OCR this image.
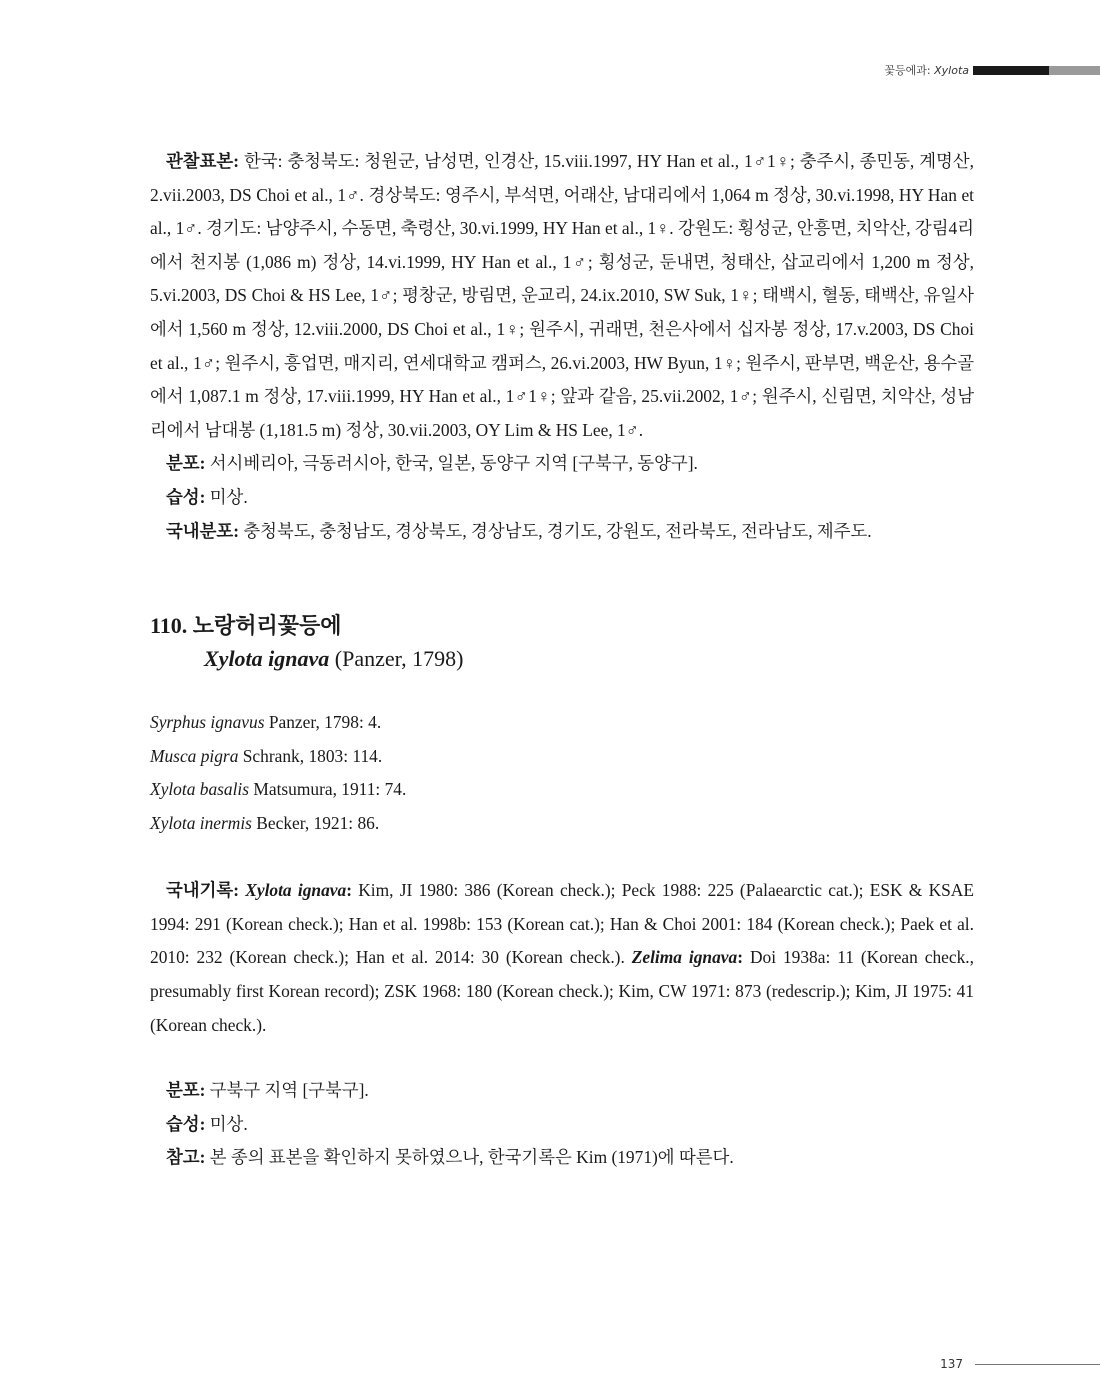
꽃등에과: Xylota

관찰표본: 한국: 충청북도: 청원군, 남성면, 인경산, 15.viii.1997, HY Han et al., 1♂1♀; 충주시, 종민동, 계명산, 2.vii.2003, DS Choi et al., 1♂. 경상북도: 영주시, 부석면, 어래산, 남대리에서 1,064 m 정상, 30.vi.1998, HY Han et al., 1♂. 경기도: 남양주시, 수동면, 축령산, 30.vi.1999, HY Han et al., 1♀. 강원도: 횡성군, 안흥면, 치악산, 강림4리에서 천지봉 (1,086 m) 정상, 14.vi.1999, HY Han et al., 1♂; 횡성군, 둔내면, 청태산, 삽교리에서 1,200 m 정상, 5.vi.2003, DS Choi & HS Lee, 1♂; 평창군, 방림면, 운교리, 24.ix.2010, SW Suk, 1♀; 태백시, 혈동, 태백산, 유일사에서 1,560 m 정상, 12.viii.2000, DS Choi et al., 1♀; 원주시, 귀래면, 천은사에서 십자봉 정상, 17.v.2003, DS Choi et al., 1♂; 원주시, 흥업면, 매지리, 연세대학교 캠퍼스, 26.vi.2003, HW Byun, 1♀; 원주시, 판부면, 백운산, 용수골에서 1,087.1 m 정상, 17.viii.1999, HY Han et al., 1♂1♀; 앞과 같음, 25.vii.2002, 1♂; 원주시, 신림면, 치악산, 성남리에서 남대봉 (1,181.5 m) 정상, 30.vii.2003, OY Lim & HS Lee, 1♂.

분포: 서시베리아, 극동러시아, 한국, 일본, 동양구 지역 [구북구, 동양구].

습성: 미상.

국내분포: 충청북도, 충청남도, 경상북도, 경상남도, 경기도, 강원도, 전라북도, 전라남도, 제주도.

110. 노랑허리꽃등에
Xylota ignava (Panzer, 1798)

Syrphus ignavus Panzer, 1798: 4.

Musca pigra Schrank, 1803: 114.

Xylota basalis Matsumura, 1911: 74.

Xylota inermis Becker, 1921: 86.

국내기록: Xylota ignava: Kim, JI 1980: 386 (Korean check.); Peck 1988: 225 (Palaearctic cat.); ESK & KSAE 1994: 291 (Korean check.); Han et al. 1998b: 153 (Korean cat.); Han & Choi 2001: 184 (Korean check.); Paek et al. 2010: 232 (Korean check.); Han et al. 2014: 30 (Korean check.). Zelima ignava: Doi 1938a: 11 (Korean check., presumably first Korean record); ZSK 1968: 180 (Korean check.); Kim, CW 1971: 873 (redescrip.); Kim, JI 1975: 41 (Korean check.).

분포: 구북구 지역 [구북구].

습성: 미상.

참고: 본 종의 표본을 확인하지 못하였으나, 한국기록은 Kim (1971)에 따른다.

137
